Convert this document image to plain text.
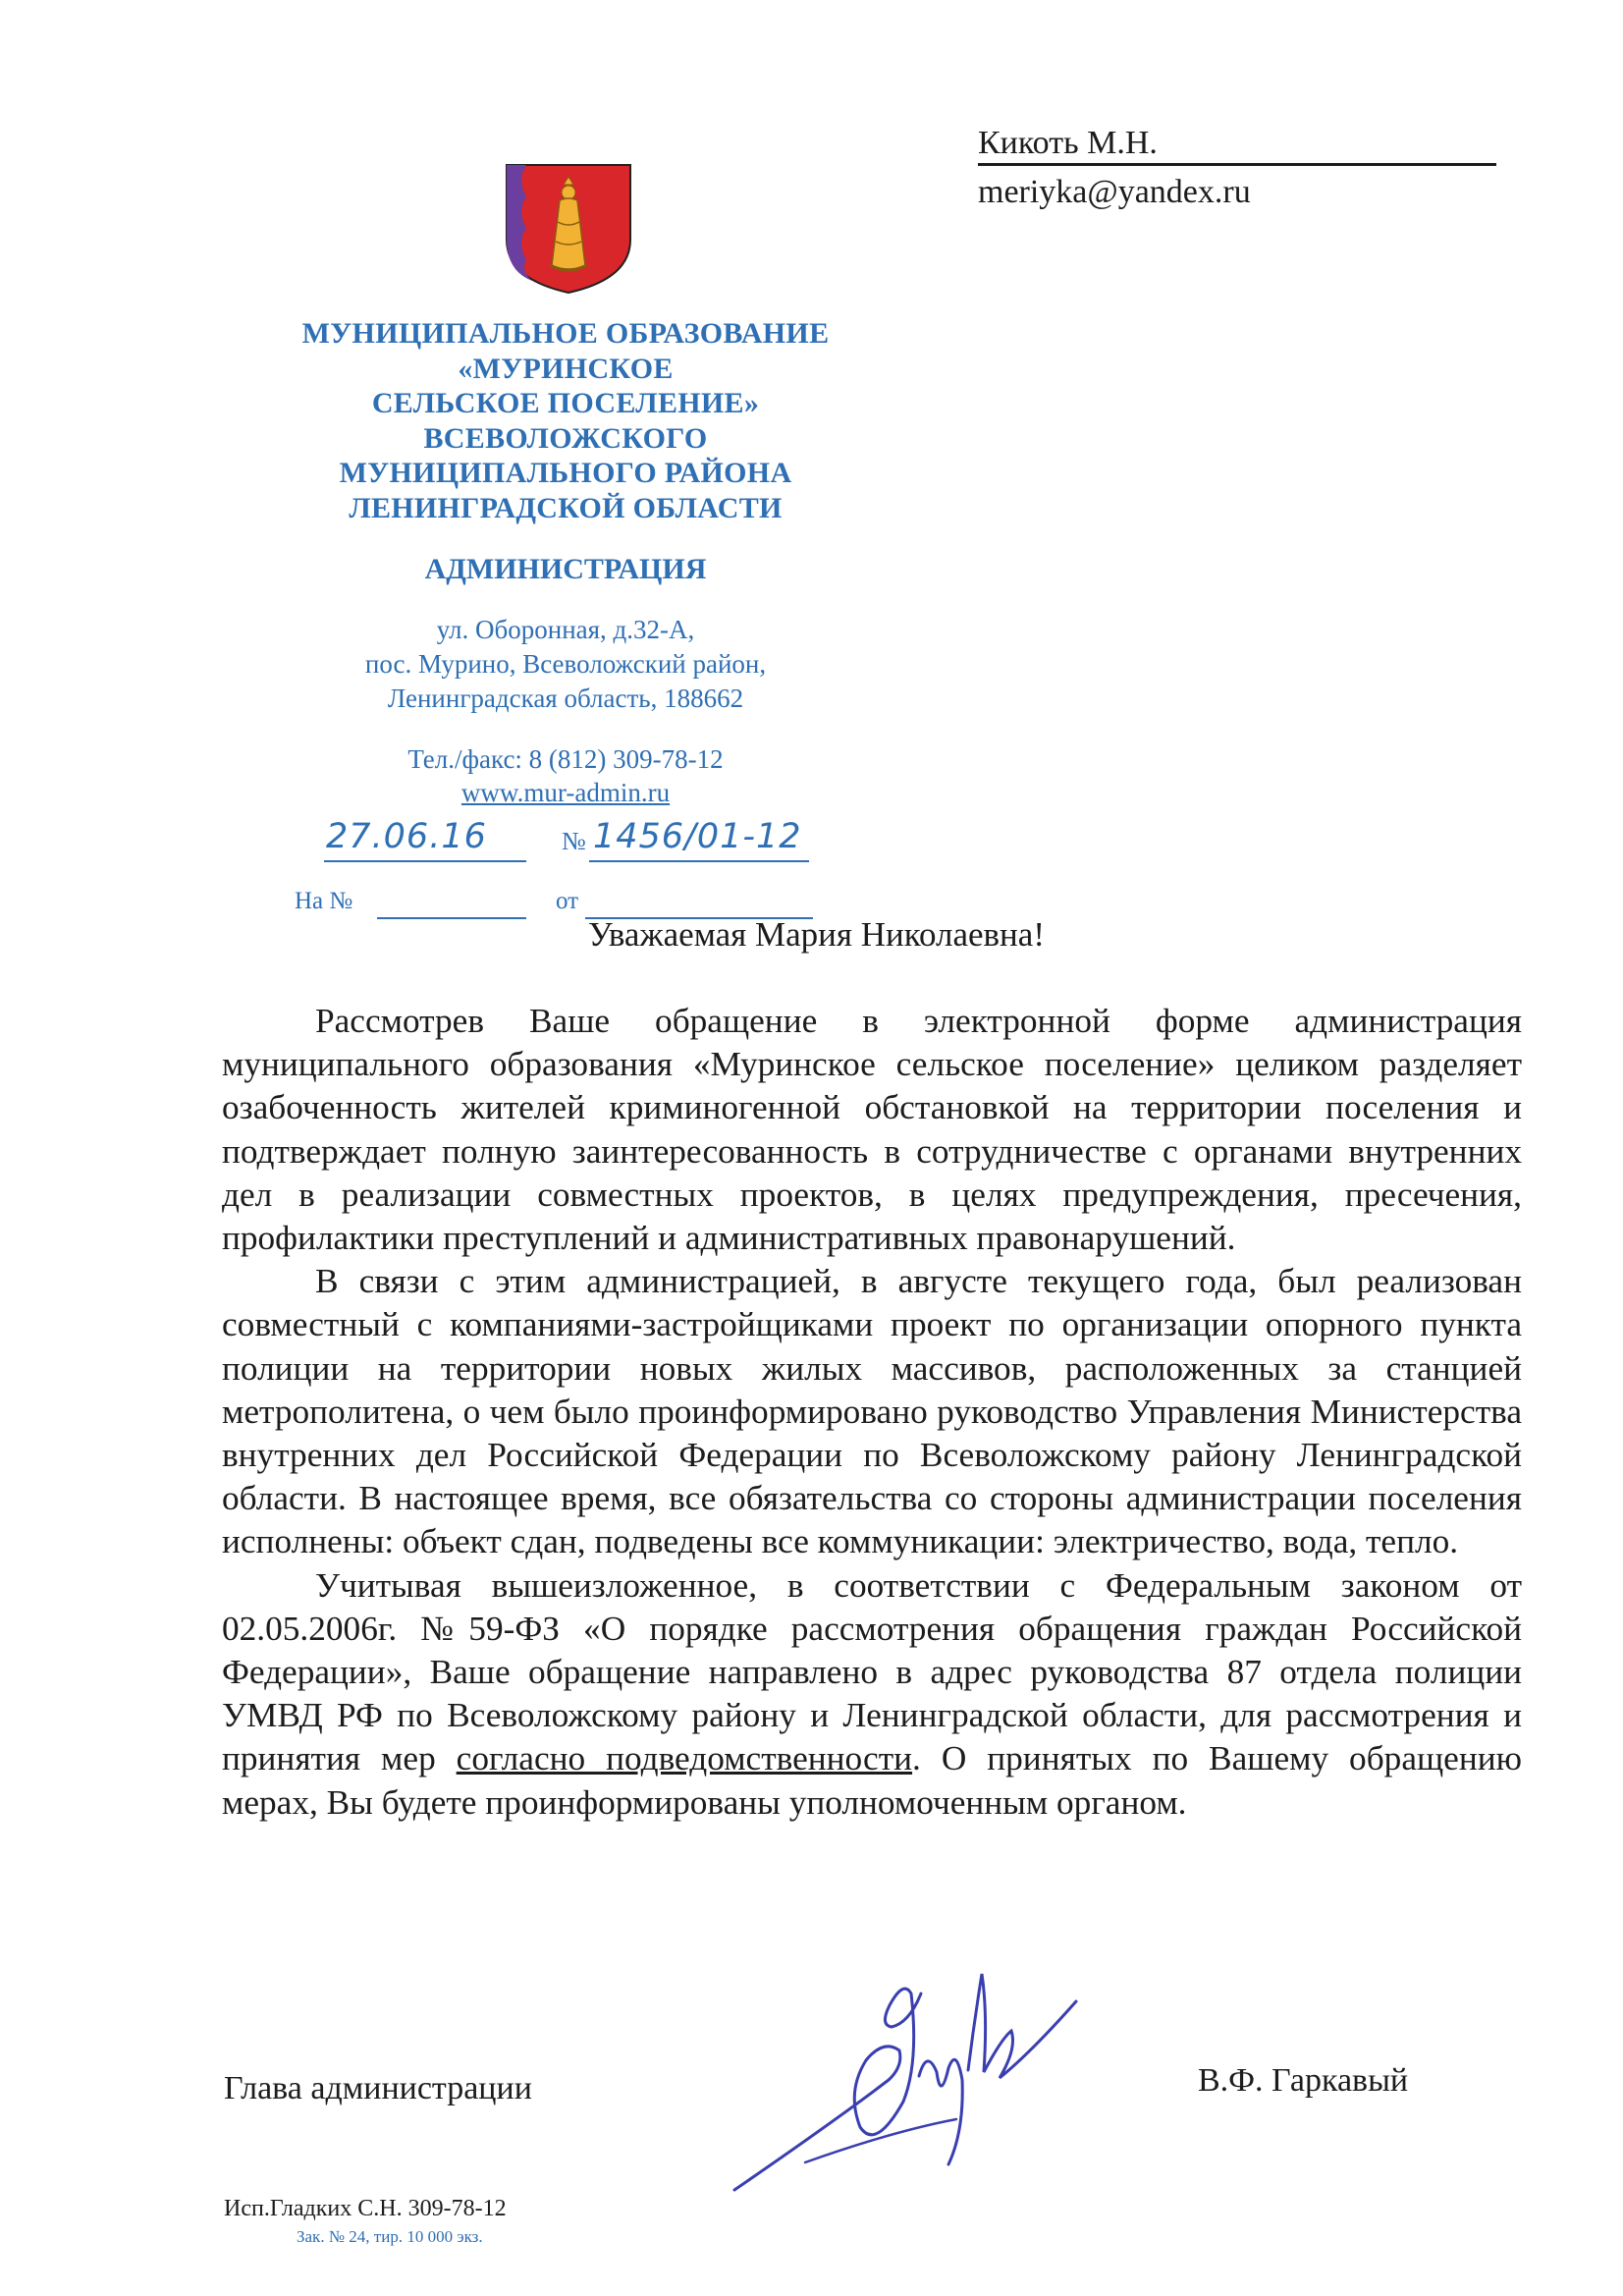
Кикоть М.Н.
meriyka@yandex.ru
МУНИЦИПАЛЬНОЕ ОБРАЗОВАНИЕ
«МУРИНСКОЕ
СЕЛЬСКОЕ ПОСЕЛЕНИЕ»
ВСЕВОЛОЖСКОГО
МУНИЦИПАЛЬНОГО РАЙОНА
ЛЕНИНГРАДСКОЙ ОБЛАСТИ
АДМИНИСТРАЦИЯ
ул. Оборонная, д.32-А,
пос. Мурино, Всеволожский район,
Ленинградская область, 188662
Тел./факс: 8 (812) 309-78-12
www.mur-admin.ru
27.06.16	№ 1456/01-12
На №	от
Уважаемая Мария Николаевна!

Рассмотрев Ваше обращение в электронной форме администрация муниципального образования «Муринское сельское поселение» целиком разделяет озабоченность жителей криминогенной обстановкой на территории поселения и подтверждает полную заинтересованность в сотрудничестве с органами внутренних дел в реализации совместных проектов, в целях предупреждения, пресечения, профилактики преступлений и административных правонарушений.

В связи с этим администрацией, в августе текущего года, был реализован совместный с компаниями-застройщиками проект по организации опорного пункта полиции на территории новых жилых массивов, расположенных за станцией метрополитена, о чем было проинформировано руководство Управления Министерства внутренних дел Российской Федерации по Всеволожскому району Ленинградской области. В настоящее время, все обязательства со стороны администрации поселения исполнены: объект сдан, подведены все коммуникации: электричество, вода, тепло.

Учитывая вышеизложенное, в соответствии с Федеральным законом от 02.05.2006г. №59-ФЗ «О порядке рассмотрения обращения граждан Российской Федерации», Ваше обращение направлено в адрес руководства 87 отдела полиции УМВД РФ по Всеволожскому району и Ленинградской области, для рассмотрения и принятия мер согласно подведомственности. О принятых по Вашему обращению мерах, Вы будете проинформированы уполномоченным органом.

Глава администрации	В.Ф. Гаркавый
Исп.Гладких С.Н. 309-78-12
Зак. № 24, тир. 10 000 экз.
